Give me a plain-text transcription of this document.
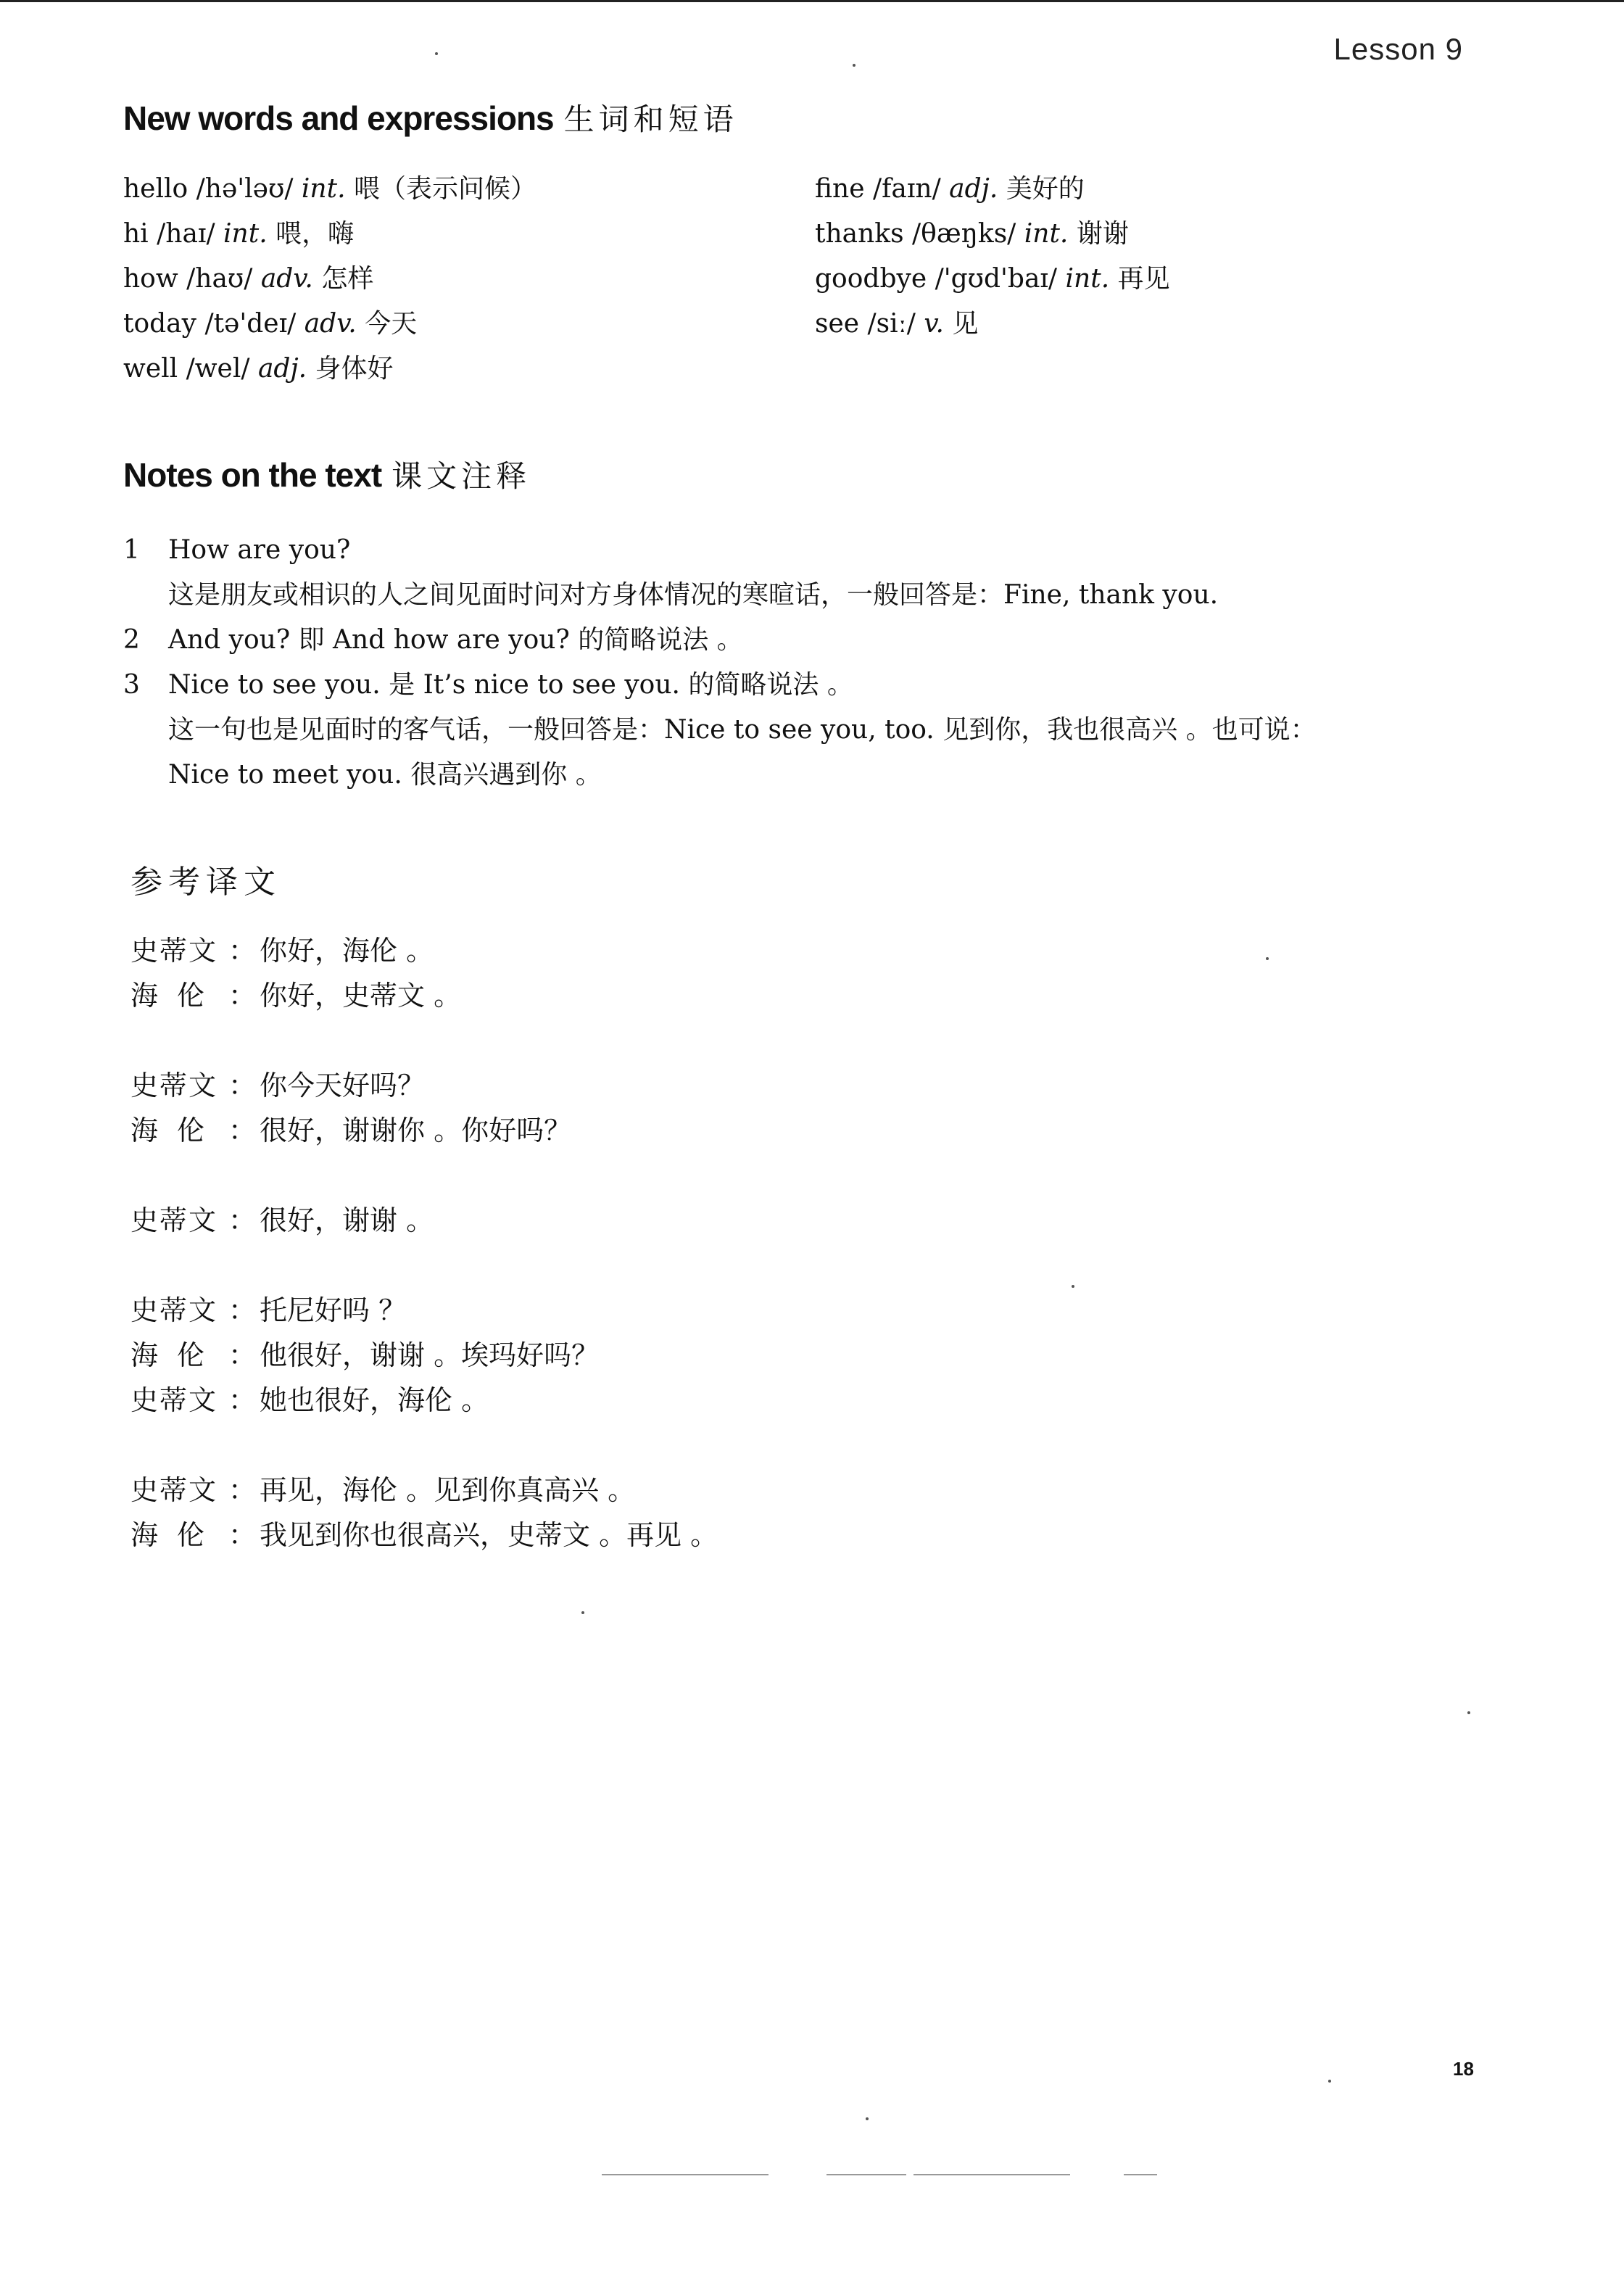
Lesson 9
New words and expressions 生词和短语
hello /hə'ləʊ/ int. 喂（表示问候）
hi /haɪ/ int. 喂，嗨
how /haʊ/ adv. 怎样
today /tə'deɪ/ adv. 今天
well /wel/ adj. 身体好
fine /faɪn/ adj. 美好的
thanks /θæŋks/ int. 谢谢
goodbye /'gʊd'baɪ/ int. 再见
see /siː/ v. 见
Notes on the text 课文注释
1 How are you?
这是朋友或相识的人之间见面时问对方身体情况的寒暄话，一般回答是：Fine, thank you.
2 And you? 即 And how are you? 的简略说法 。
3 Nice to see you. 是 It’s nice to see you. 的简略说法 。
这一句也是见面时的客气话，一般回答是：Nice to see you, too. 见到你，我也很高兴 。也可说：
Nice to meet you. 很高兴遇到你 。
参考译文
史蒂文 ： 你好，海伦 。
海伦 ： 你好，史蒂文 。
史蒂文 ： 你今天好吗？
海伦 ： 很好，谢谢你 。你好吗？
史蒂文 ： 很好，谢谢 。
史蒂文 ： 托尼好吗 ？
海伦 ： 他很好，谢谢 。埃玛好吗？
史蒂文 ： 她也很好，海伦 。
史蒂文 ： 再见，海伦 。见到你真高兴 。
海伦 ： 我见到你也很高兴，史蒂文 。再见 。
18
